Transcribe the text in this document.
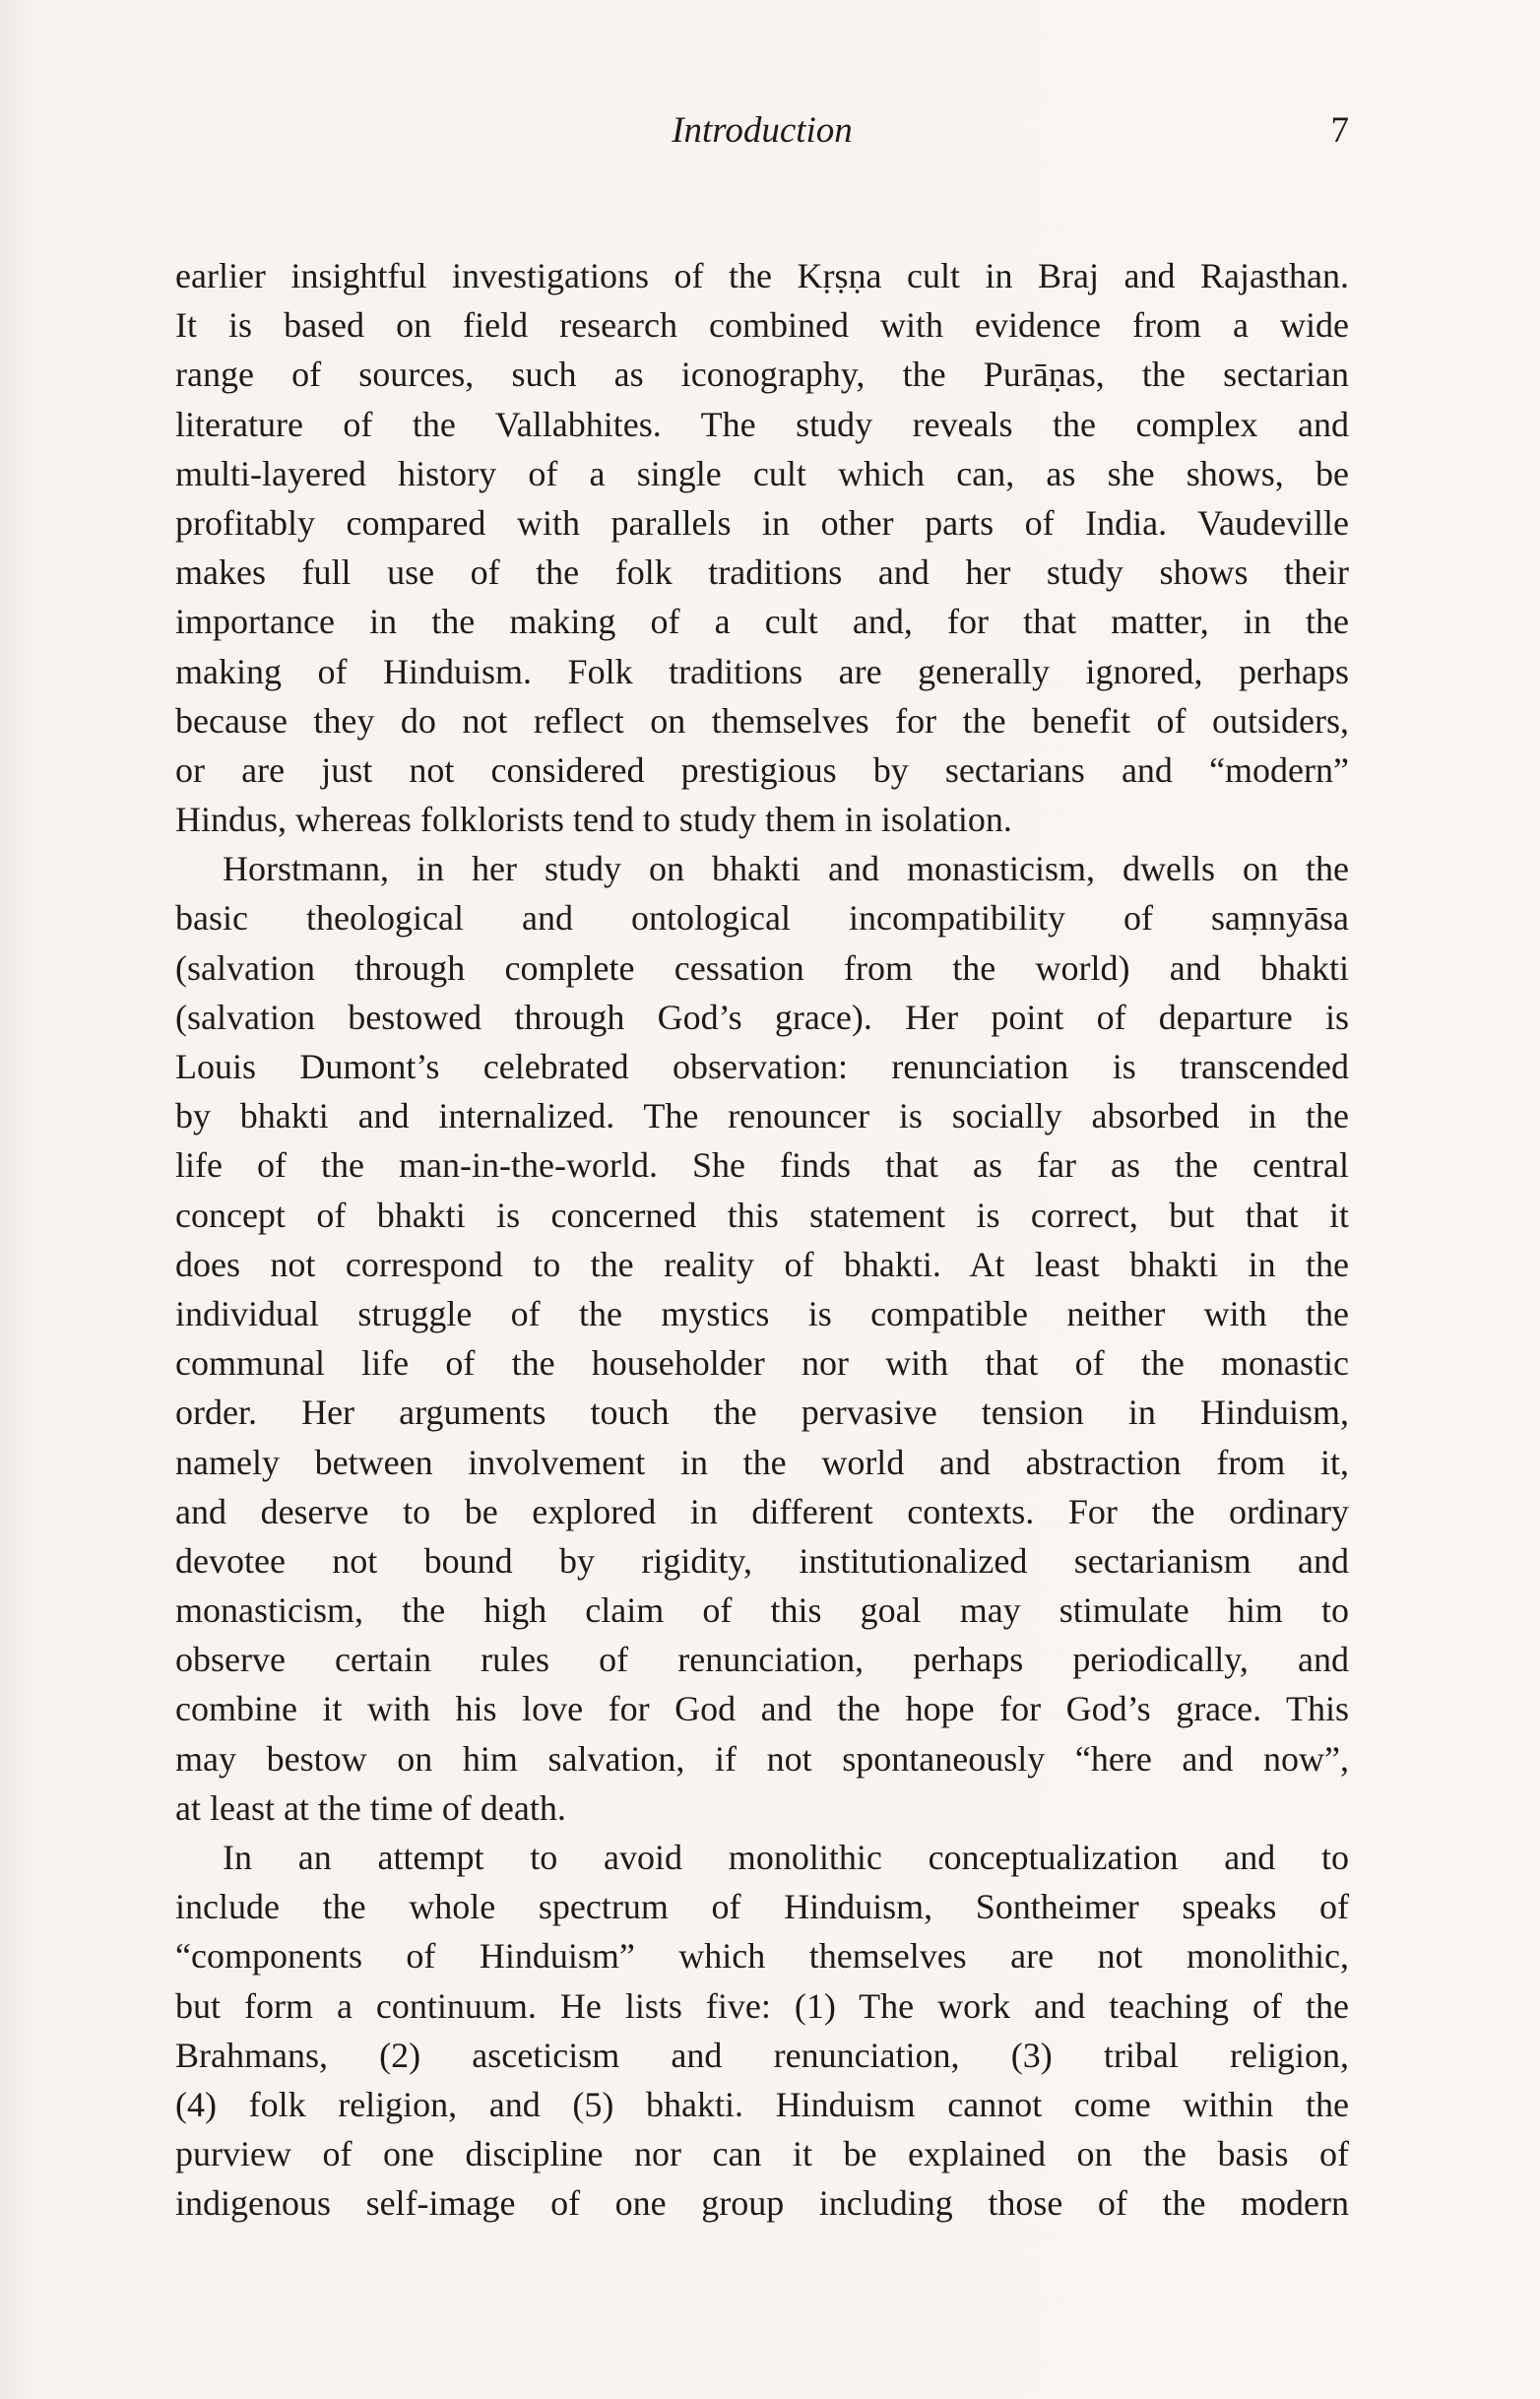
Introduction	7
earlier insightful investigations of the Kṛṣṇa cult in Braj and Rajasthan.
It is based on field research combined with evidence from a wide
range of sources, such as iconography, the Purāṇas, the sectarian
literature of the Vallabhites. The study reveals the complex and
multi-layered history of a single cult which can, as she shows, be
profitably compared with parallels in other parts of India. Vaudeville
makes full use of the folk traditions and her study shows their
importance in the making of a cult and, for that matter, in the
making of Hinduism. Folk traditions are generally ignored, perhaps
because they do not reflect on themselves for the benefit of outsiders,
or are just not considered prestigious by sectarians and “modern”
Hindus, whereas folklorists tend to study them in isolation.
Horstmann, in her study on bhakti and monasticism, dwells on the
basic theological and ontological incompatibility of saṃnyāsa
(salvation through complete cessation from the world) and bhakti
(salvation bestowed through God’s grace). Her point of departure is
Louis Dumont’s celebrated observation: renunciation is transcended
by bhakti and internalized. The renouncer is socially absorbed in the
life of the man-in-the-world. She finds that as far as the central
concept of bhakti is concerned this statement is correct, but that it
does not correspond to the reality of bhakti. At least bhakti in the
individual struggle of the mystics is compatible neither with the
communal life of the householder nor with that of the monastic
order. Her arguments touch the pervasive tension in Hinduism,
namely between involvement in the world and abstraction from it,
and deserve to be explored in different contexts. For the ordinary
devotee not bound by rigidity, institutionalized sectarianism and
monasticism, the high claim of this goal may stimulate him to
observe certain rules of renunciation, perhaps periodically, and
combine it with his love for God and the hope for God’s grace. This
may bestow on him salvation, if not spontaneously “here and now”,
at least at the time of death.
In an attempt to avoid monolithic conceptualization and to
include the whole spectrum of Hinduism, Sontheimer speaks of
“components of Hinduism” which themselves are not monolithic,
but form a continuum. He lists five: (1) The work and teaching of the
Brahmans, (2) asceticism and renunciation, (3) tribal religion,
(4) folk religion, and (5) bhakti. Hinduism cannot come within the
purview of one discipline nor can it be explained on the basis of
indigenous self-image of one group including those of the modern
